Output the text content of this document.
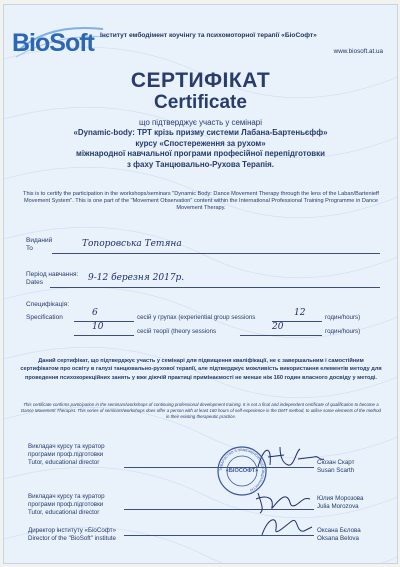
BioSoft Інститут ембодімент коучінгу та психомоторної терапії «БіоСофт»
www.biosoft.at.ua
СЕРТИФІКАТ
Certificate
що підтверджує участь у семінарі
«Dynamic-body: ТРТ крізь призму системи Лабана-Бартеньєфф»
курсу «Спостереження за рухом»
міжнародної навчальної програми професійної перепідготовки
з фаху Танцювально-Рухова Терапія.
This is to certify the participation in the workshops/seminars "Dynamic Body: Dance Movement Therapy through the lens of the Laban/Bartenieff Movement System". This is one part of the "Movement Observation" content within the International Professional Training Programme in Dance Movement Therapy.
Виданий
To	Топоровська Тетяна
Період навчання:
Dates	9-12 березня 2017р.
Специфікація:
Specification	6	сесій у групах (experiential group sessions	12	годин/hours)
10	сесій теорії (theory sessions	20	годин/hours)
Даний сертифікат, що підтверджує участь у семінарі для підвищення кваліфікації, не є завершальним і самостійним сертифікатом про освіту в галузі танцювально-рухової терапії, але підтверджує можливість використання елементів методу для проведення психокорекційних занять у вже діючій практиці примінаємості не менше ніж 160 годин власного досвіду у методі.
This certificate confirms participation in the seminars/workshops of continuing professional development training. It is not a final and independent certificate of qualification to become a Dance Movement Therapist. This series of seminars/workshops does offer a person with at least 160 hours of self-experience in the DMT method, to utilise some elements of the method in their existing therapeutic practice.
Викладач курсу та куратор
програми проф.підготовки
Tutor, educational director	Сюзан Скарт
Susan Scarth
Викладач курсу та куратор
програми проф.підготовки
Tutor, educational director
Юлия Морозова
Julia Morozova
Директор інституту «БіоСофт»
Director of the "BioSoft" institute
Оксана Бєлова
Oksana Belova
ТОВАРИСТВО З ОБМЕЖЕНОЮ ВІДПОВІДАЛЬНІСТЮ
«БІОСОФТ»
